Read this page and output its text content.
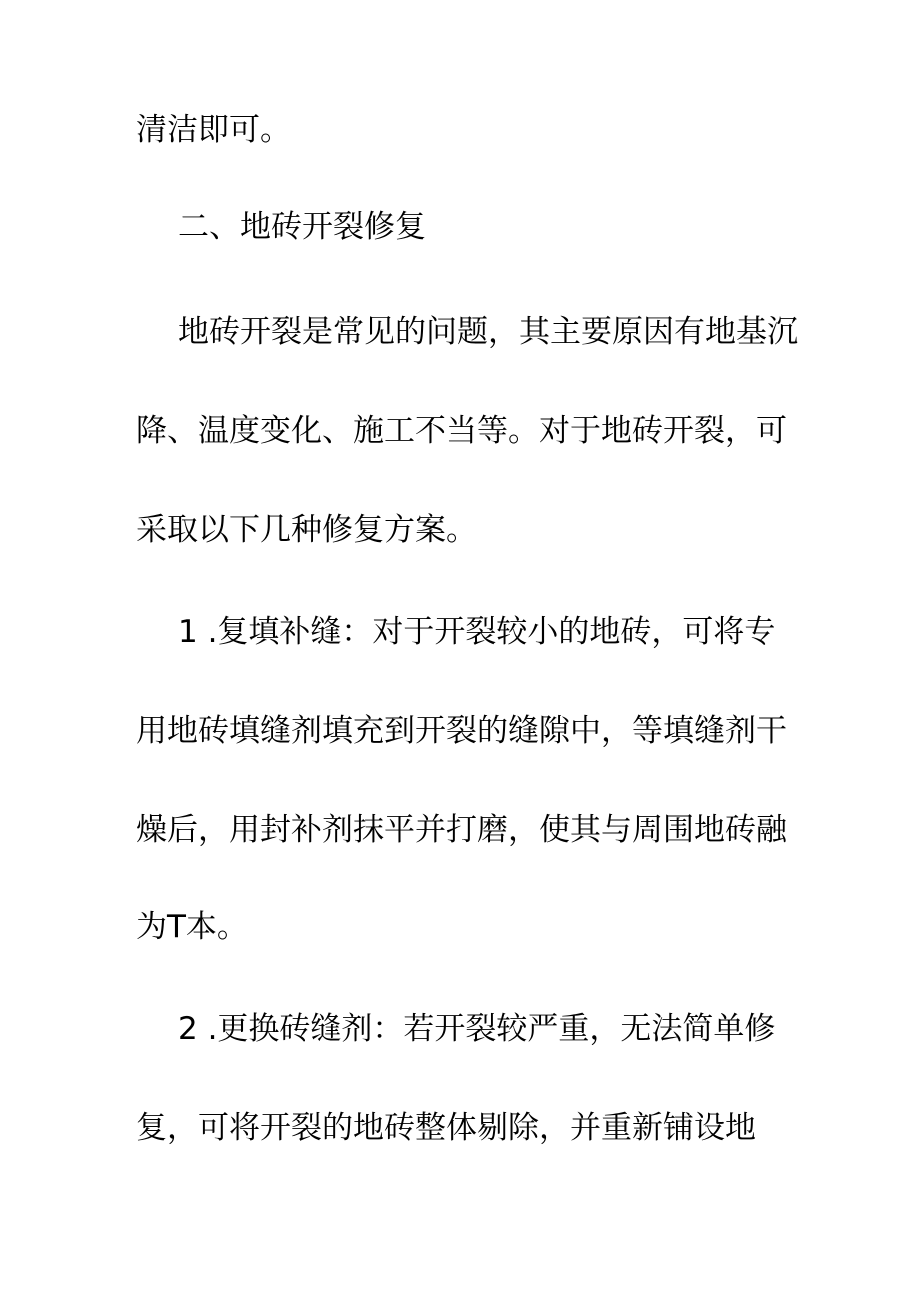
清洁即可。
二、地砖开裂修复
地砖开裂是常见的问题，其主要原因有地基沉
降、温度变化、施工不当等。对于地砖开裂，可
采取以下几种修复方案。
1 .复填补缝：对于开裂较小的地砖，可将专
用地砖填缝剂填充到开裂的缝隙中，等填缝剂干
燥后，用封补剂抹平并打磨，使其与周围地砖融
为T本。
2 .更换砖缝剂：若开裂较严重，无法简单修
复，可将开裂的地砖整体剔除，并重新铺设地
